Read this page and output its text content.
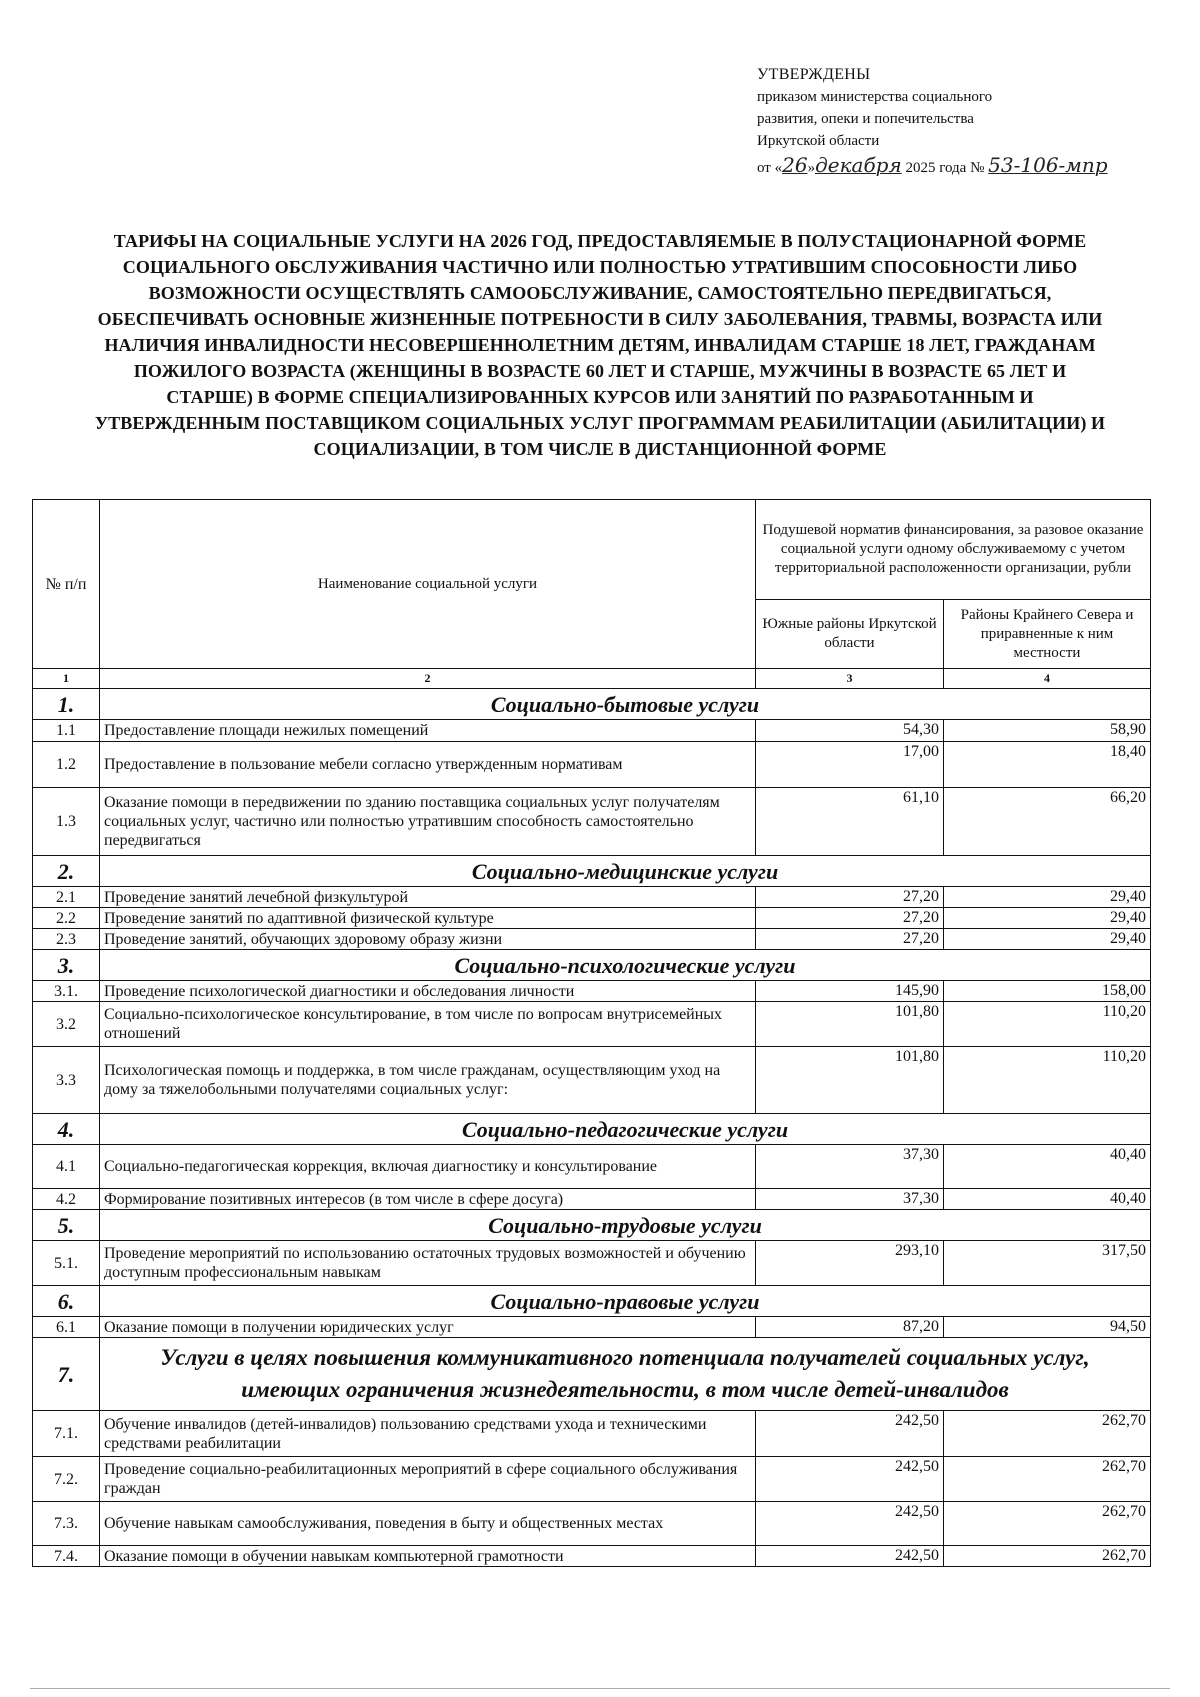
УТВЕРЖДЕНЫ
приказом министерства социального
развития, опеки и попечительства
Иркутской области
от «26»декабря 2025 года № 53-106-мпр
ТАРИФЫ НА СОЦИАЛЬНЫЕ УСЛУГИ НА 2026 ГОД, ПРЕДОСТАВЛЯЕМЫЕ В ПОЛУСТАЦИОНАРНОЙ ФОРМЕ
СОЦИАЛЬНОГО ОБСЛУЖИВАНИЯ ЧАСТИЧНО ИЛИ ПОЛНОСТЬЮ УТРАТИВШИМ СПОСОБНОСТИ ЛИБО
ВОЗМОЖНОСТИ ОСУЩЕСТВЛЯТЬ САМООБСЛУЖИВАНИЕ, САМОСТОЯТЕЛЬНО ПЕРЕДВИГАТЬСЯ,
ОБЕСПЕЧИВАТЬ ОСНОВНЫЕ ЖИЗНЕННЫЕ ПОТРЕБНОСТИ В СИЛУ ЗАБОЛЕВАНИЯ, ТРАВМЫ, ВОЗРАСТА ИЛИ
НАЛИЧИЯ ИНВАЛИДНОСТИ НЕСОВЕРШЕННОЛЕТНИМ ДЕТЯМ, ИНВАЛИДАМ СТАРШЕ 18 ЛЕТ, ГРАЖДАНАМ
ПОЖИЛОГО ВОЗРАСТА (ЖЕНЩИНЫ В ВОЗРАСТЕ 60 ЛЕТ И СТАРШЕ, МУЖЧИНЫ В ВОЗРАСТЕ 65 ЛЕТ И
СТАРШЕ) В ФОРМЕ СПЕЦИАЛИЗИРОВАННЫХ КУРСОВ ИЛИ ЗАНЯТИЙ ПО РАЗРАБОТАННЫМ И
УТВЕРЖДЕННЫМ ПОСТАВЩИКОМ СОЦИАЛЬНЫХ УСЛУГ ПРОГРАММАМ РЕАБИЛИТАЦИИ (АБИЛИТАЦИИ) И
СОЦИАЛИЗАЦИИ, В ТОМ ЧИСЛЕ В ДИСТАНЦИОННОЙ ФОРМЕ
№ п/п	Наименование социальной услуги	Подушевой норматив финансирования, за разовое оказание социальной услуги одному обслуживаемому с учетом территориальной расположенности организации, рубли	
		Южные районы Иркутской области	Районы Крайнего Севера и приравненные к ним местности
1	2	3	4
1.	Социально-бытовые услуги		
1.1	Предоставление площади нежилых помещений	54,30	58,90
1.2	Предоставление в пользование мебели согласно утвержденным нормативам	17,00	18,40
1.3	Оказание помощи в передвижении по зданию поставщика социальных услуг получателям социальных услуг, частично или полностью утратившим способность самостоятельно передвигаться	61,10	66,20
2.	Социально-медицинские услуги		
2.1	Проведение занятий лечебной физкультурой	27,20	29,40
2.2	Проведение занятий по адаптивной физической культуре	27,20	29,40
2.3	Проведение занятий, обучающих здоровому образу жизни	27,20	29,40
3.	Социально-психологические услуги		
3.1.	Проведение психологической диагностики и обследования личности	145,90	158,00
3.2	Социально-психологическое консультирование, в том числе по вопросам внутрисемейных отношений	101,80	110,20
3.3	Психологическая помощь и поддержка, в том числе гражданам, осуществляющим уход на дому за тяжелобольными получателями социальных услуг:	101,80	110,20
4.	Социально-педагогические услуги		
4.1	Социально-педагогическая коррекция, включая диагностику и консультирование	37,30	40,40
4.2	Формирование позитивных интересов (в том числе в сфере досуга)	37,30	40,40
5.	Социально-трудовые услуги		
5.1.	Проведение мероприятий по использованию остаточных трудовых возможностей и обучению доступным профессиональным навыкам	293,10	317,50
6.	Социально-правовые услуги		
6.1	Оказание помощи в получении юридических услуг	87,20	94,50
7.	Услуги в целях повышения коммуникативного потенциала получателей социальных услуг, имеющих ограничения жизнедеятельности, в том числе детей-инвалидов		
7.1.	Обучение инвалидов (детей-инвалидов) пользованию средствами ухода и техническими средствами реабилитации	242,50	262,70
7.2.	Проведение социально-реабилитационных мероприятий в сфере социального обслуживания граждан	242,50	262,70
7.3.	Обучение навыкам самообслуживания, поведения в быту и общественных местах	242,50	262,70
7.4.	Оказание помощи в обучении навыкам компьютерной грамотности	242,50	262,70
